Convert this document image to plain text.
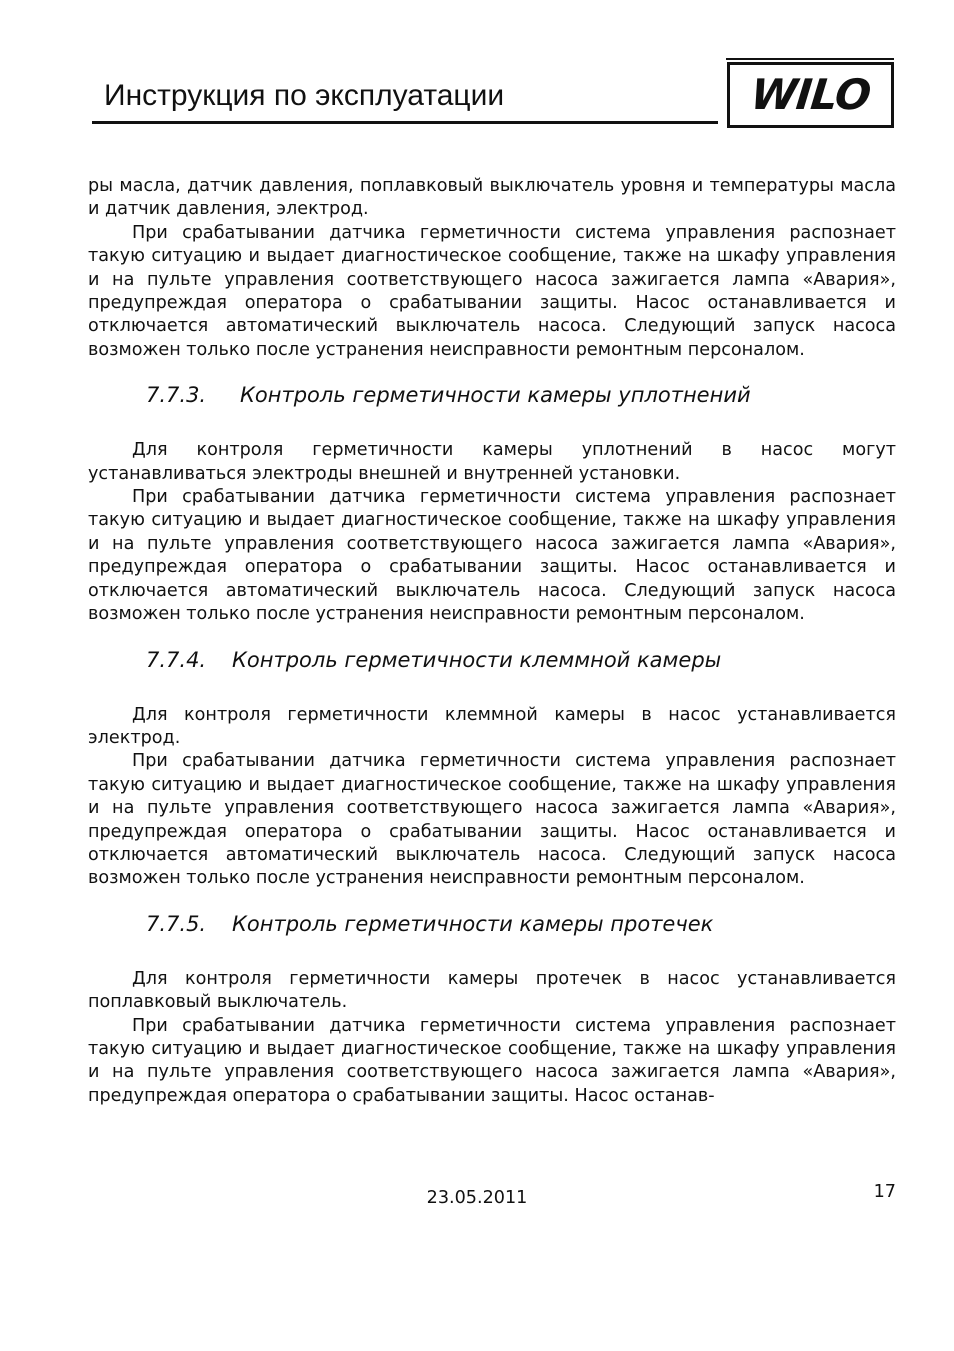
Инструкция по эксплуатации	WILO

ры масла, датчик давления, поплавковый выключатель уровня и температуры масла и датчик давления, электрод.

При срабатывании датчика герметичности система управления распознает такую ситуацию и выдает диагностическое сообщение, также на шкафу управления и на пульте управления соответствующего насоса зажигается лампа «Авария», предупреждая оператора о срабатывании защиты. Насос останавливается и отключается автоматический выключатель насоса. Следующий запуск насоса возможен только после устранения неисправности ремонтным персоналом.

7.7.3. Контроль герметичности камеры уплотнений

Для контроля герметичности камеры уплотнений в насос могут устанавливаться электроды внешней и внутренней установки.

При срабатывании датчика герметичности система управления распознает такую ситуацию и выдает диагностическое сообщение, также на шкафу управления и на пульте управления соответствующего насоса зажигается лампа «Авария», предупреждая оператора о срабатывании защиты. Насос останавливается и отключается автоматический выключатель насоса. Следующий запуск насоса возможен только после устранения неисправности ремонтным персоналом.

7.7.4. Контроль герметичности клеммной камеры

Для контроля герметичности клеммной камеры в насос устанавливается электрод.

При срабатывании датчика герметичности система управления распознает такую ситуацию и выдает диагностическое сообщение, также на шкафу управления и на пульте управления соответствующего насоса зажигается лампа «Авария», предупреждая оператора о срабатывании защиты. Насос останавливается и отключается автоматический выключатель насоса. Следующий запуск насоса возможен только после устранения неисправности ремонтным персоналом.

7.7.5. Контроль герметичности камеры протечек

Для контроля герметичности камеры протечек в насос устанавливается поплавковый выключатель.

При срабатывании датчика герметичности система управления распознает такую ситуацию и выдает диагностическое сообщение, также на шкафу управления и на пульте управления соответствующего насоса зажигается лампа «Авария», предупреждая оператора о срабатывании защиты. Насос останав-

23.05.2011	17
